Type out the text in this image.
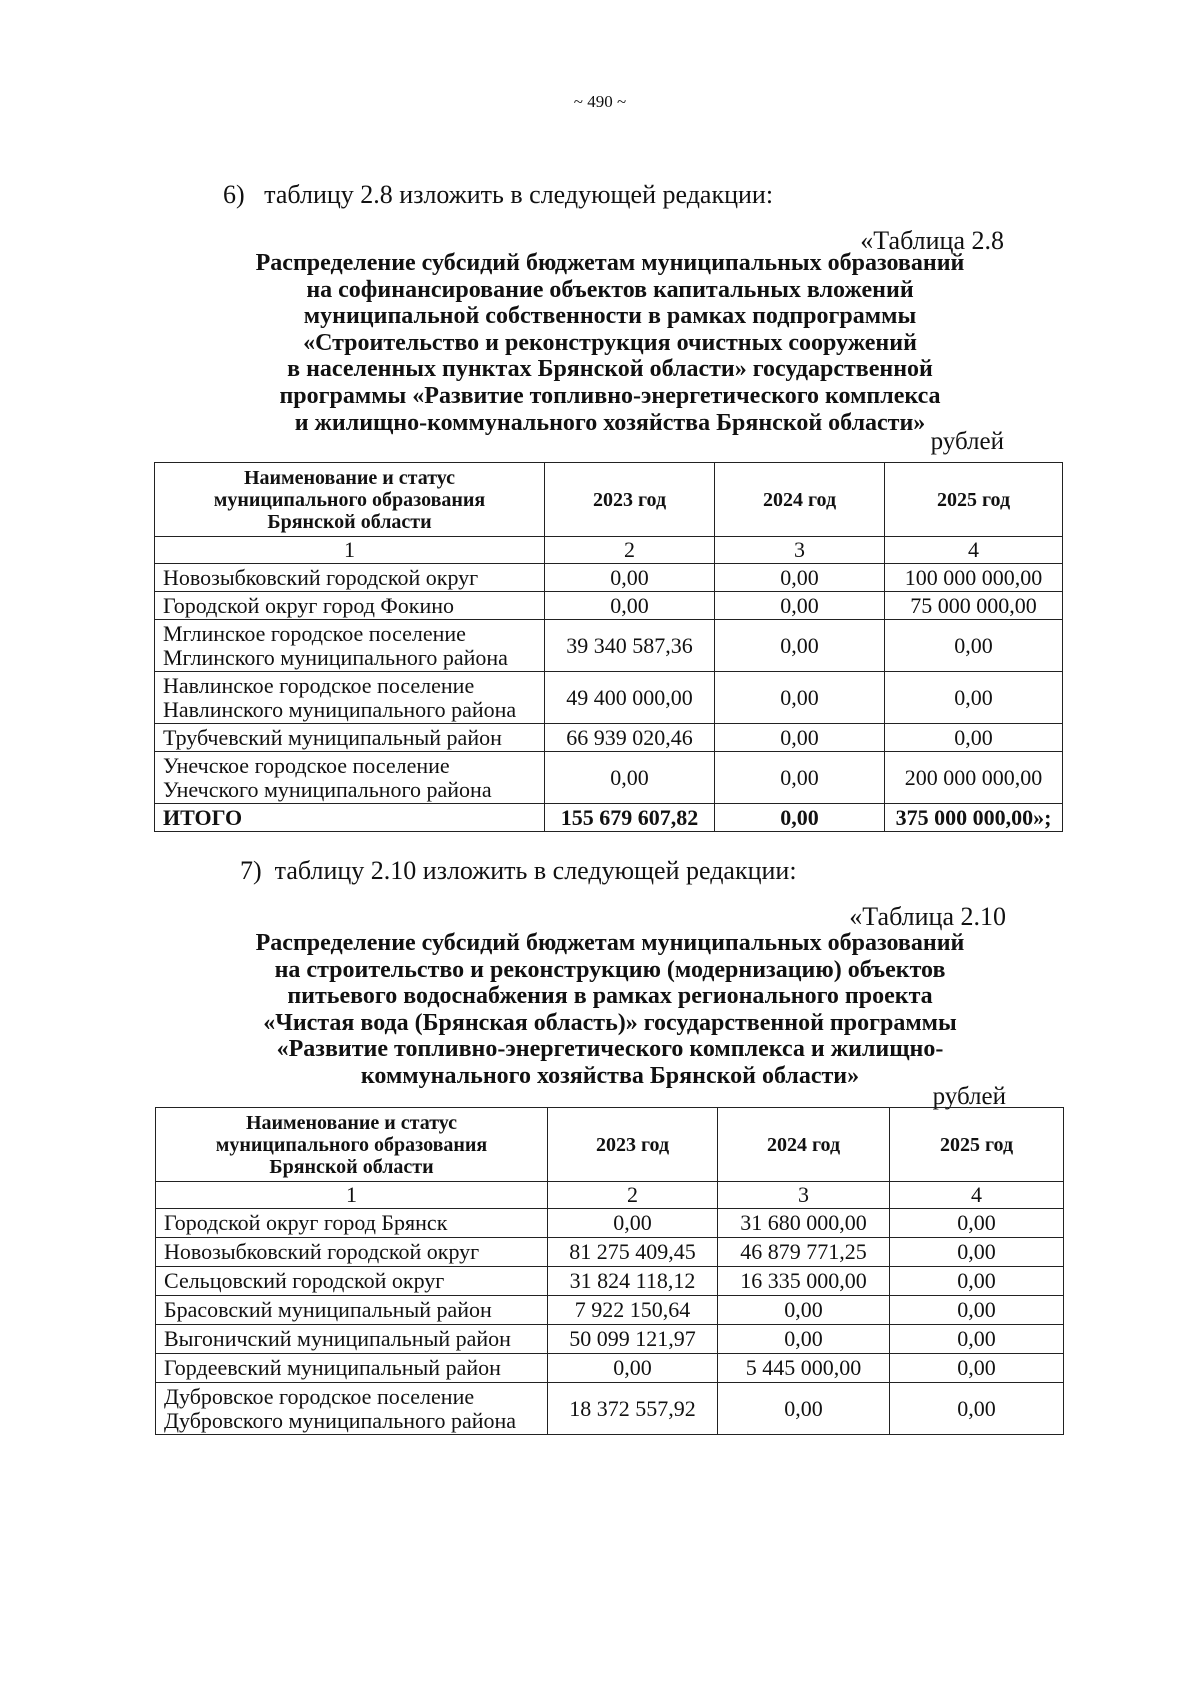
~ 490 ~
6) таблицу 2.8 изложить в следующей редакции:
«Таблица 2.8
Распределение субсидий бюджетам муниципальных образований
на софинансирование объектов капитальных вложений
муниципальной собственности в рамках подпрограммы
«Строительство и реконструкция очистных сооружений
в населенных пунктах Брянской области» государственной
программы «Развитие топливно-энергетического комплекса
и жилищно-коммунального хозяйства Брянской области»
рублей
Наименование и статус
муниципального образования
Брянской области	2023 год	2024 год	2025 год
1	2	3	4
Новозыбковский городской округ	0,00	0,00	100 000 000,00
Городской округ город Фокино	0,00	0,00	75 000 000,00

Мглинское городское поселение
Мглинского муниципального района	39 340 587,36	0,00	0,00

Навлинское городское поселение
Навлинского муниципального района	49 400 000,00	0,00	0,00
Трубчевский муниципальный район	66 939 020,46	0,00	0,00

Унечское городское поселение
Унечского муниципального района	0,00	0,00	200 000 000,00
ИТОГО	155 679 607,82	0,00	375 000 000,00»;
7) таблицу 2.10 изложить в следующей редакции:
«Таблица 2.10
Распределение субсидий бюджетам муниципальных образований
на строительство и реконструкцию (модернизацию) объектов
питьевого водоснабжения в рамках регионального проекта
«Чистая вода (Брянская область)» государственной программы
«Развитие топливно-энергетического комплекса и жилищно-
коммунального хозяйства Брянской области»
рублей
Наименование и статус
муниципального образования
Брянской области	2023 год	2024 год	2025 год
1	2	3	4
Городской округ город Брянск	0,00	31 680 000,00	0,00
Новозыбковский городской округ	81 275 409,45	46 879 771,25	0,00
Сельцовский городской округ	31 824 118,12	16 335 000,00	0,00
Брасовский муниципальный район	7 922 150,64	0,00	0,00
Выгоничский муниципальный район	50 099 121,97	0,00	0,00
Гордеевский муниципальный район	0,00	5 445 000,00	0,00

Дубровское городское поселение
Дубровского муниципального района	18 372 557,92	0,00	0,00
